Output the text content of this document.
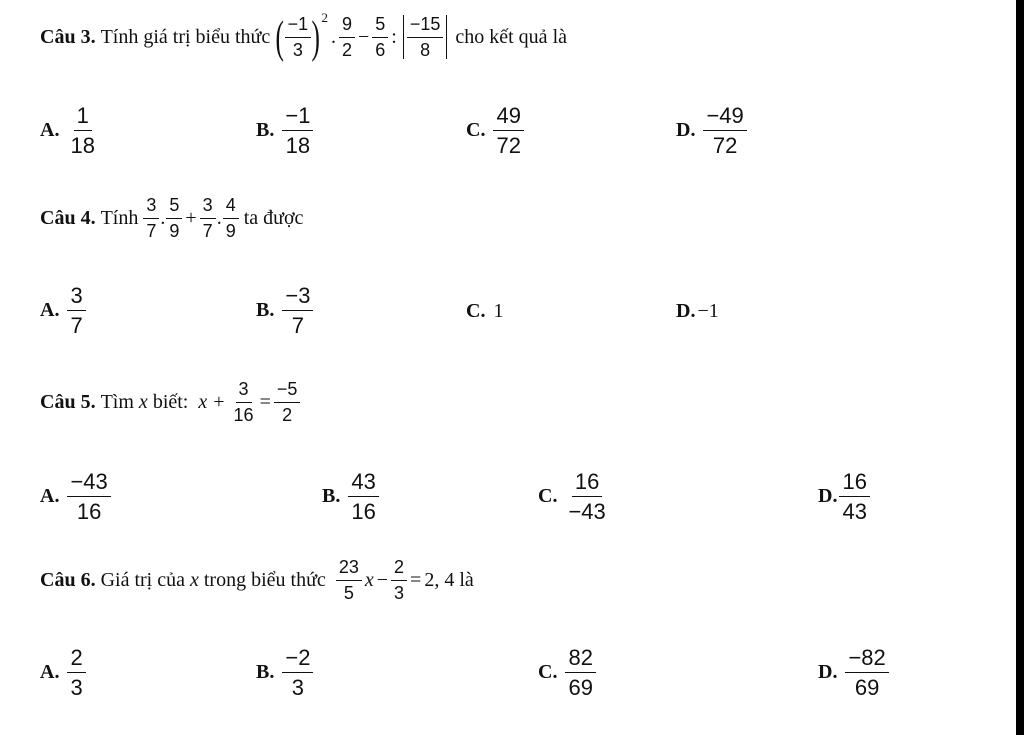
Câu 3.
Tính giá trị biểu thức
( $\frac{-1}{3}$ ) 2
. $\frac{9}{2} - \frac{5}{6}$ : $\frac{-15}{8}$
cho kết quả là
A. $\frac{1}{18}$	B. $\frac{-1}{18}$	C. $\frac{49}{72}$	D. $\frac{-49}{72}$
Câu 4.
Tính
$\frac{3}{7}$ . $\frac{5}{9} + \frac{3}{7}$ . $\frac{4}{9}$
ta được
A. $\frac{3}{7}$	B. $\frac{-3}{7}$	C. 1	D. −1
Câu 5.
Tìm
x
biết:
$x + \frac{3}{16} = \frac{-5}{2}$
A. $\frac{-43}{16}$	B. $\frac{43}{16}$	C. $\frac{16}{-43}$	D. $\frac{16}{43}$
Câu 6.
Giá trị của
x
trong biểu thức
$\frac{23}{5}$ $x - \frac{2}{3} = 2$, 4
là
A. $\frac{2}{3}$	B. $\frac{-2}{3}$	C. $\frac{82}{69}$	D. $\frac{-82}{69}$
